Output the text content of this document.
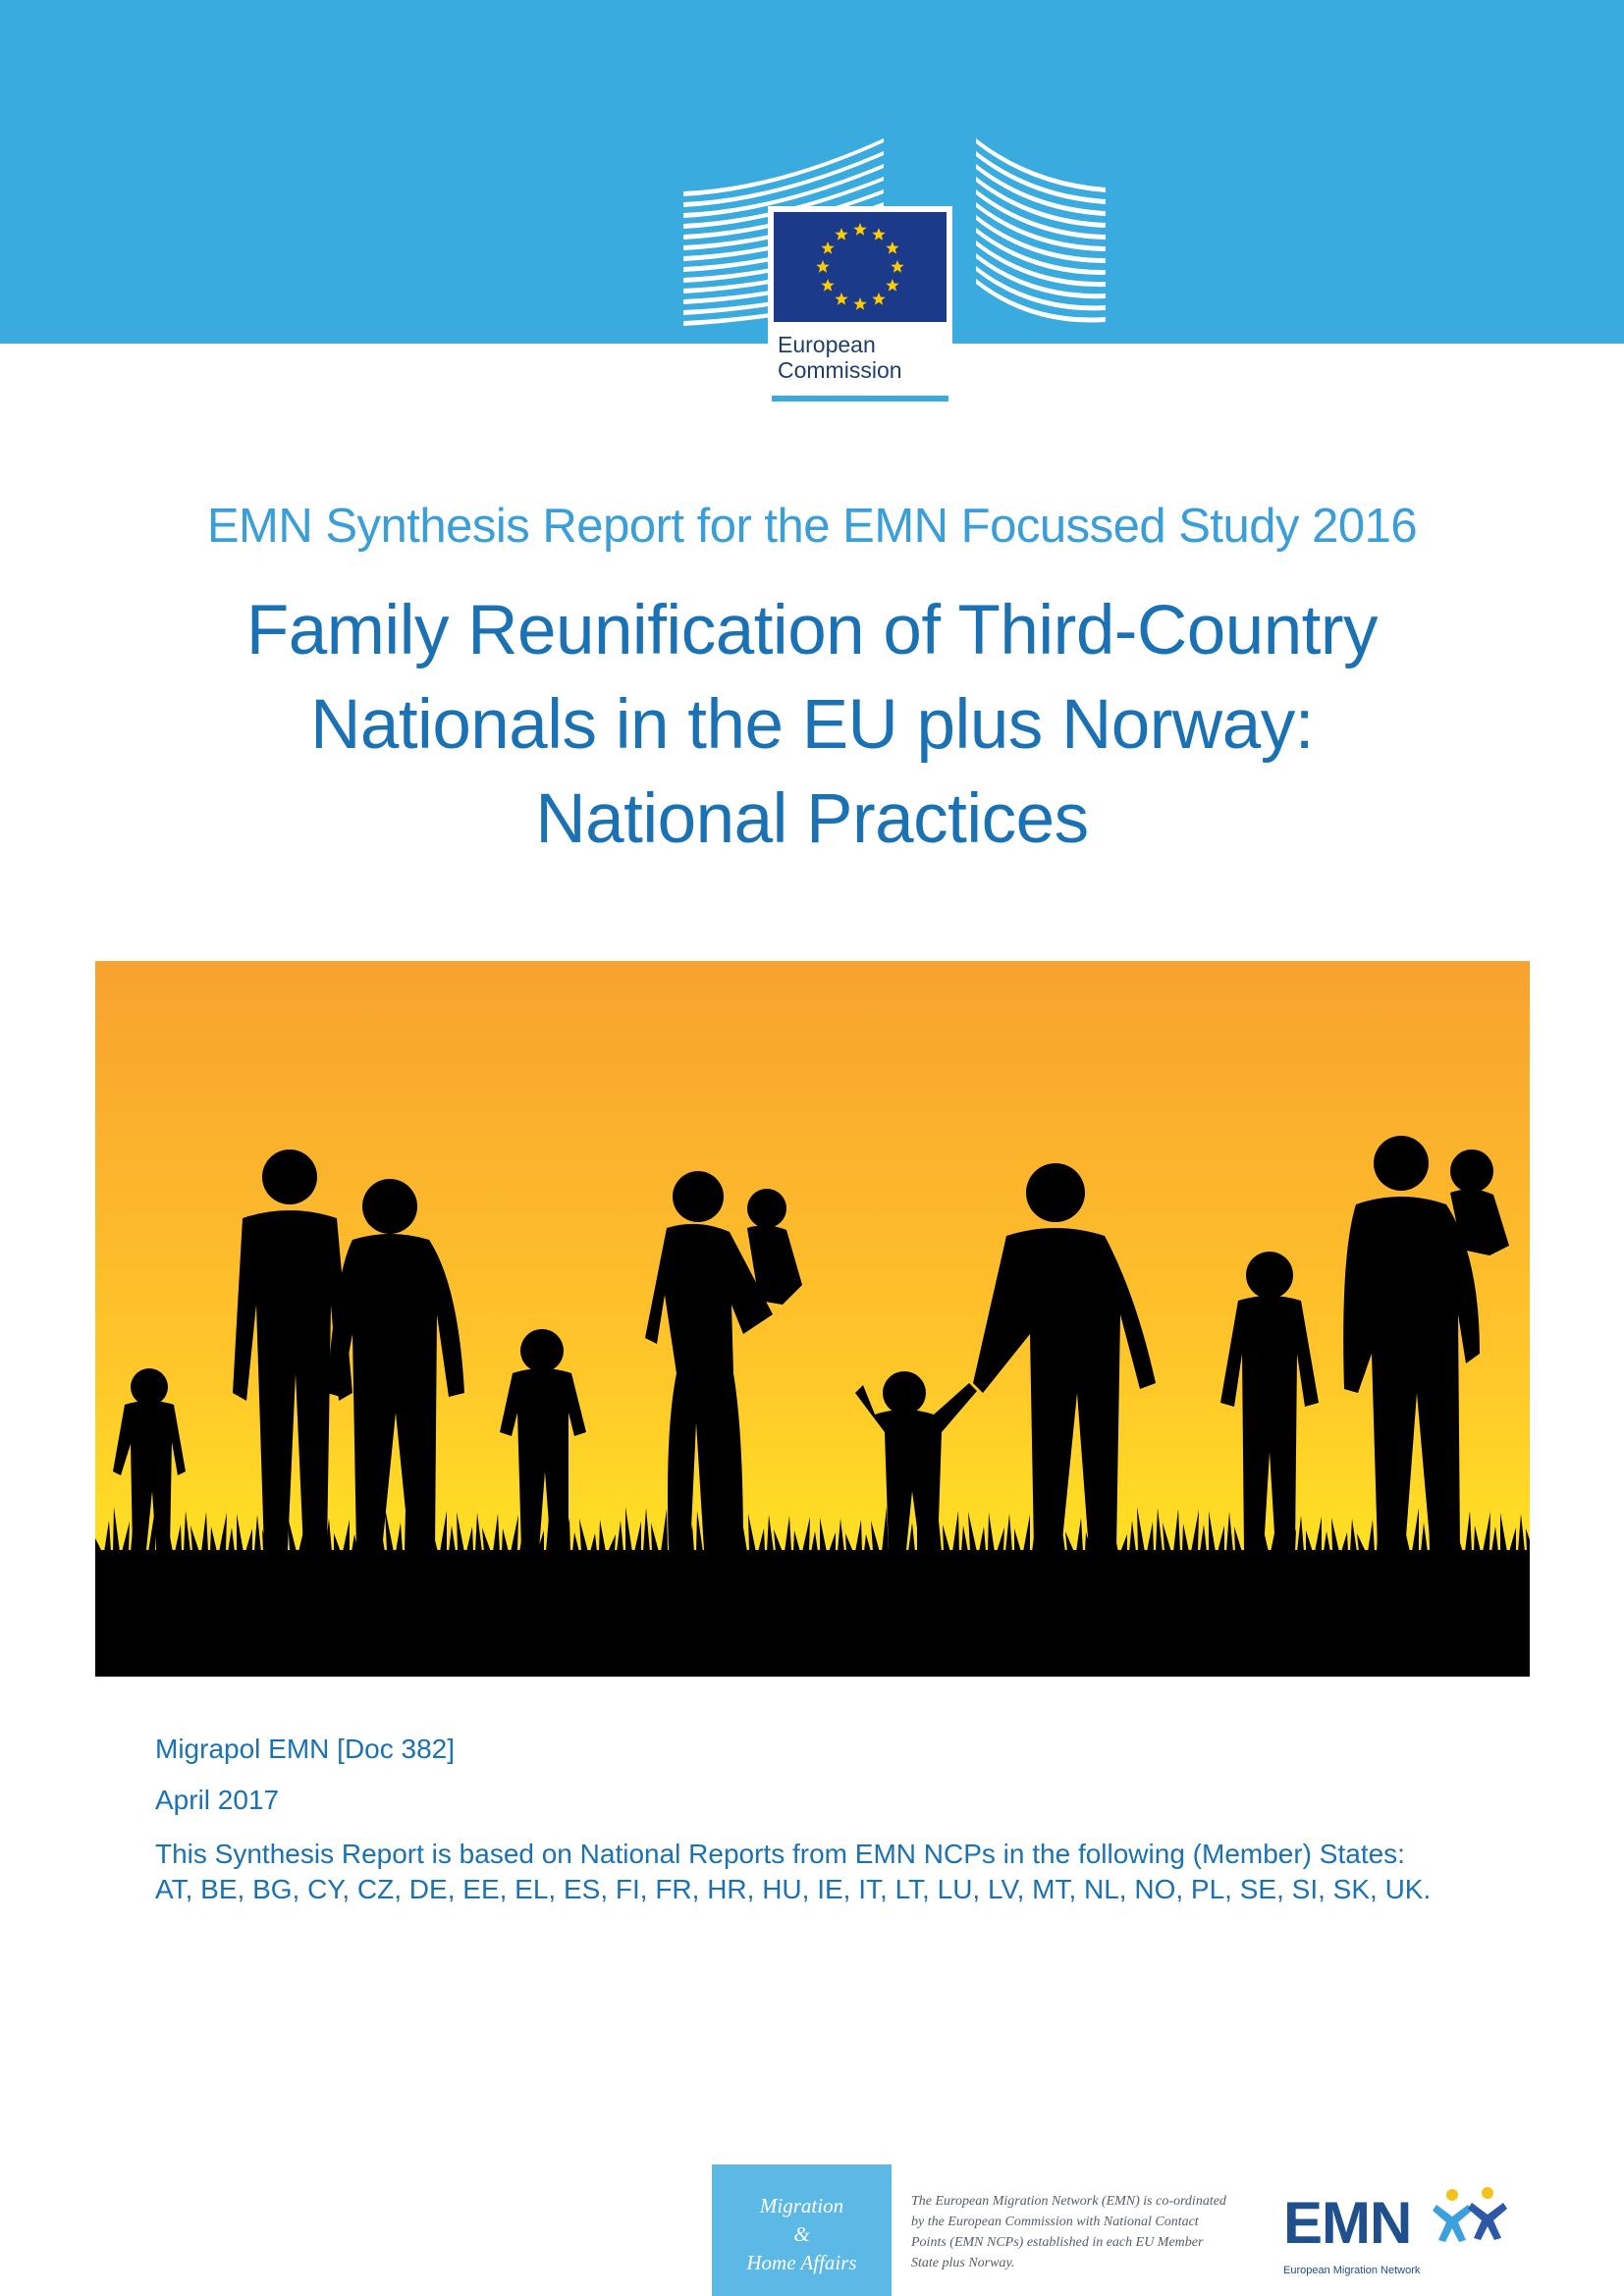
European
Commission
EMN Synthesis Report for the EMN Focussed Study 2016
Family Reunification of Third-Country
Nationals in the EU plus Norway:
National Practices
Migrapol EMN [Doc 382]
April 2017
This Synthesis Report is based on National Reports from EMN NCPs in the following (Member) States:
AT, BE, BG, CY, CZ, DE, EE, EL, ES, FI, FR, HR, HU, IE, IT, LT, LU, LV, MT, NL, NO, PL, SE, SI, SK, UK.
Migration
&
Home Affairs
The European Migration Network (EMN) is co-ordinated
by the European Commission with National Contact
Points (EMN NCPs) established in each EU Member
State plus Norway.
EMN
European Migration Network
